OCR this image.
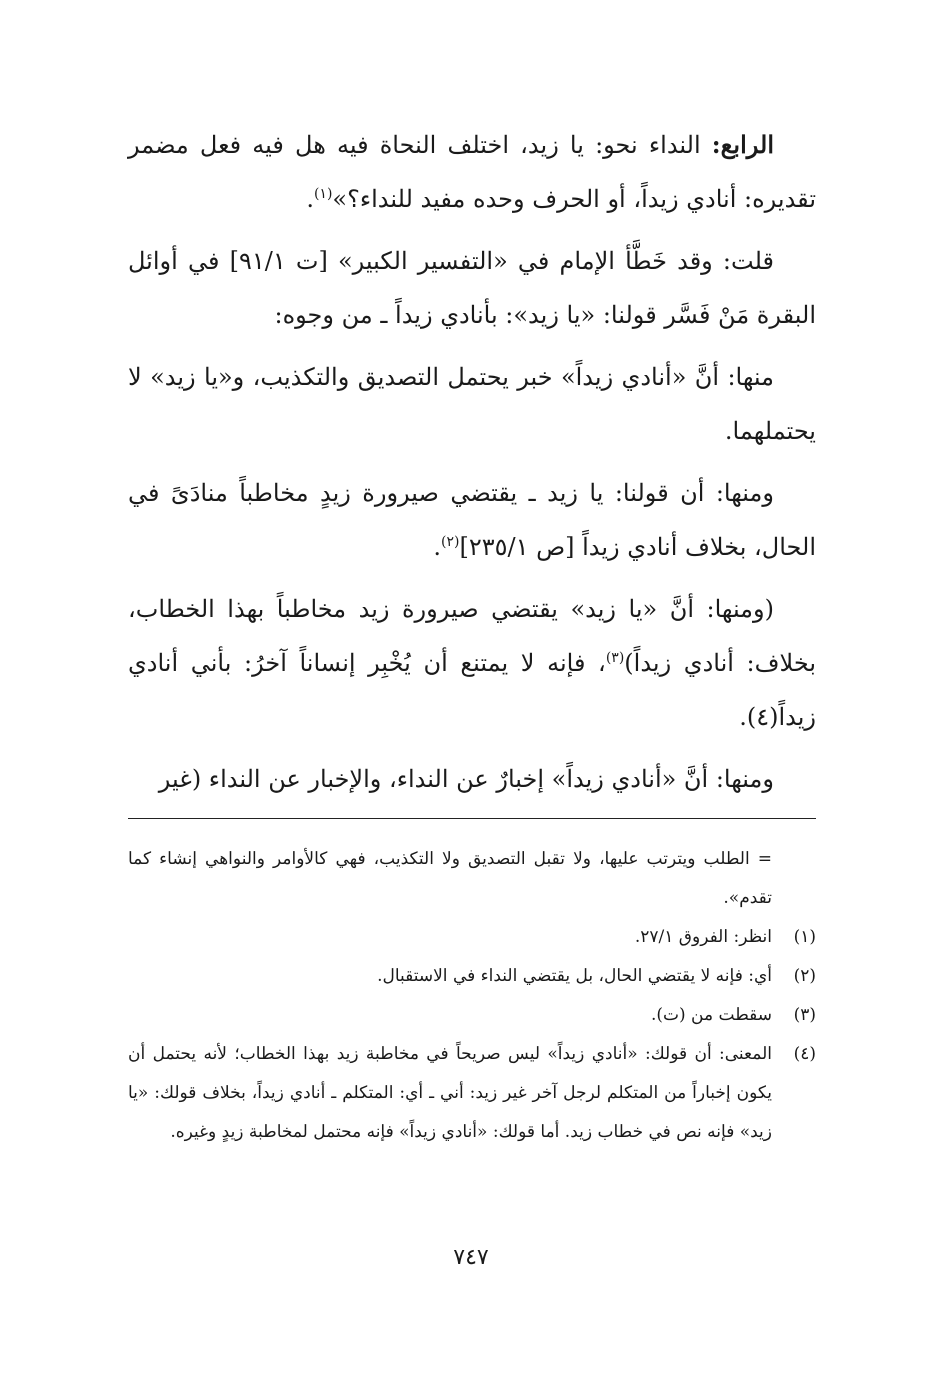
الرابع: النداء نحو: يا زيد، اختلف النحاة فيه هل فيه فعل مضمر تقديره: أنادي زيداً، أو الحرف وحده مفيد للنداء؟»$^{(١)}$.

قلت: وقد خَطَّأ الإمام في «التفسير الكبير» [ت ٩١/١] في أوائل البقرة مَنْ فَسَّر قولنا: «يا زيد»: بأنادي زيداً ـ من وجوه:

منها: أنَّ «أنادي زيداً» خبر يحتمل التصديق والتكذيب، و«يا زيد» لا يحتملهما.

ومنها: أن قولنا: يا زيد ـ يقتضي صيرورة زيدٍ مخاطباً منادَىً في الحال، بخلاف أنادي زيداً [ص ٢٣٥/١]$^{(٢)}$.

(ومنها: أنَّ «يا زيد» يقتضي صيرورة زيد مخاطباً بهذا الخطاب، بخلاف: أنادي زيداً)$^{(٣)}$، فإنه لا يمتنع أن يُخْبِر إنساناً آخرُ: بأني أنادي زيداً(٤).

ومنها: أنَّ «أنادي زيداً» إخبارٌ عن النداء، والإخبار عن النداء (غير

= الطلب ويترتب عليها، ولا تقبل التصديق ولا التكذيب، فهي كالأوامر والنواهي إنشاء كما تقدم».

(١)
انظر: الفروق ٢٧/١.

(٢)
أي: فإنه لا يقتضي الحال، بل يقتضي النداء في الاستقبال.

(٣)
سقطت من (ت).

(٤)
المعنى: أن قولك: «أنادي زيداً» ليس صريحاً في مخاطبة زيد بهذا الخطاب؛ لأنه يحتمل أن يكون إخباراً من المتكلم لرجل آخر غير زيد: أني ـ أي: المتكلم ـ أنادي زيداً، بخلاف قولك: «يا زيد» فإنه نص في خطاب زيد. أما قولك: «أنادي زيداً» فإنه محتمل لمخاطبة زيدٍ وغيره.

٧٤٧
